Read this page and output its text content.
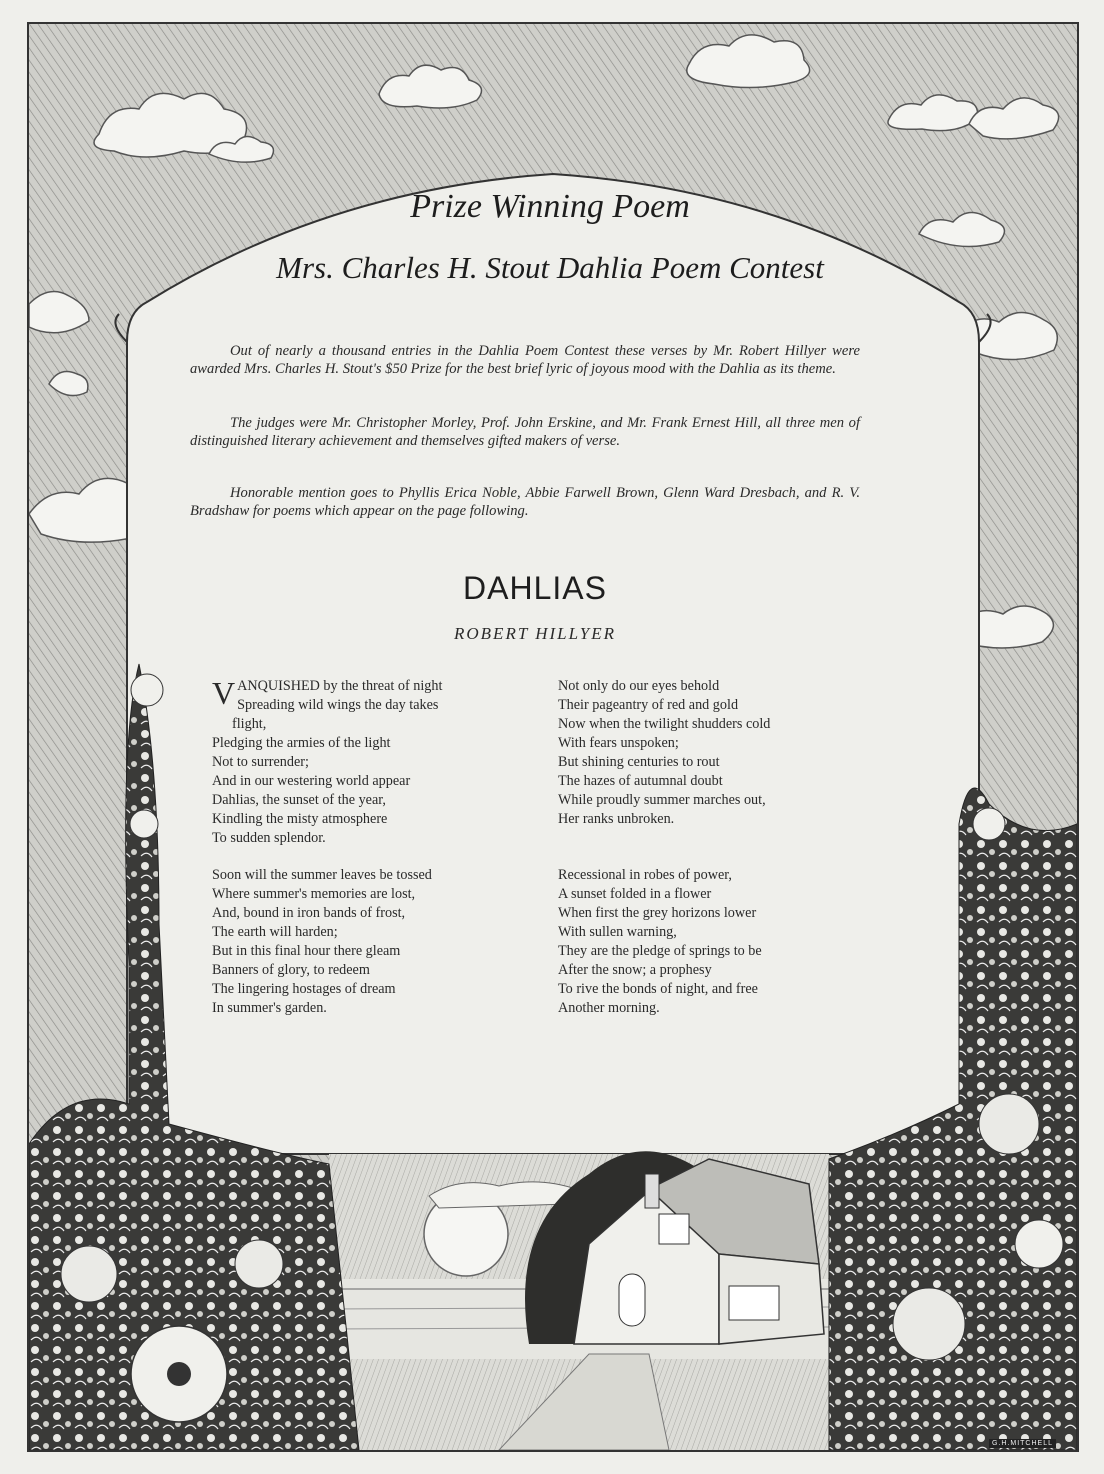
Prize Winning Poem
Mrs. Charles H. Stout Dahlia Poem Contest
Out of nearly a thousand entries in the Dahlia Poem Contest these verses by Mr. Robert Hillyer were awarded Mrs. Charles H. Stout's $50 Prize for the best brief lyric of joyous mood with the Dahlia as its theme.
The judges were Mr. Christopher Morley, Prof. John Erskine, and Mr. Frank Ernest Hill, all three men of distinguished literary achievement and themselves gifted makers of verse.
Honorable mention goes to Phyllis Erica Noble, Abbie Farwell Brown, Glenn Ward Dresbach, and R. V. Bradshaw for poems which appear on the page following.
DAHLIAS
ROBERT HILLYER
VANQUISHED by the threat of night
Spreading wild wings the day takes
flight,
Pledging the armies of the light
Not to surrender;
And in our westering world appear
Dahlias, the sunset of the year,
Kindling the misty atmosphere
To sudden splendor.
Not only do our eyes behold
Their pageantry of red and gold
Now when the twilight shudders cold
With fears unspoken;
But shining centuries to rout
The hazes of autumnal doubt
While proudly summer marches out,
Her ranks unbroken.
Soon will the summer leaves be tossed
Where summer's memories are lost,
And, bound in iron bands of frost,
The earth will harden;
But in this final hour there gleam
Banners of glory, to redeem
The lingering hostages of dream
In summer's garden.
Recessional in robes of power,
A sunset folded in a flower
When first the grey horizons lower
With sullen warning,
They are the pledge of springs to be
After the snow; a prophesy
To rive the bonds of night, and free
Another morning.
G.H.MITCHELL
